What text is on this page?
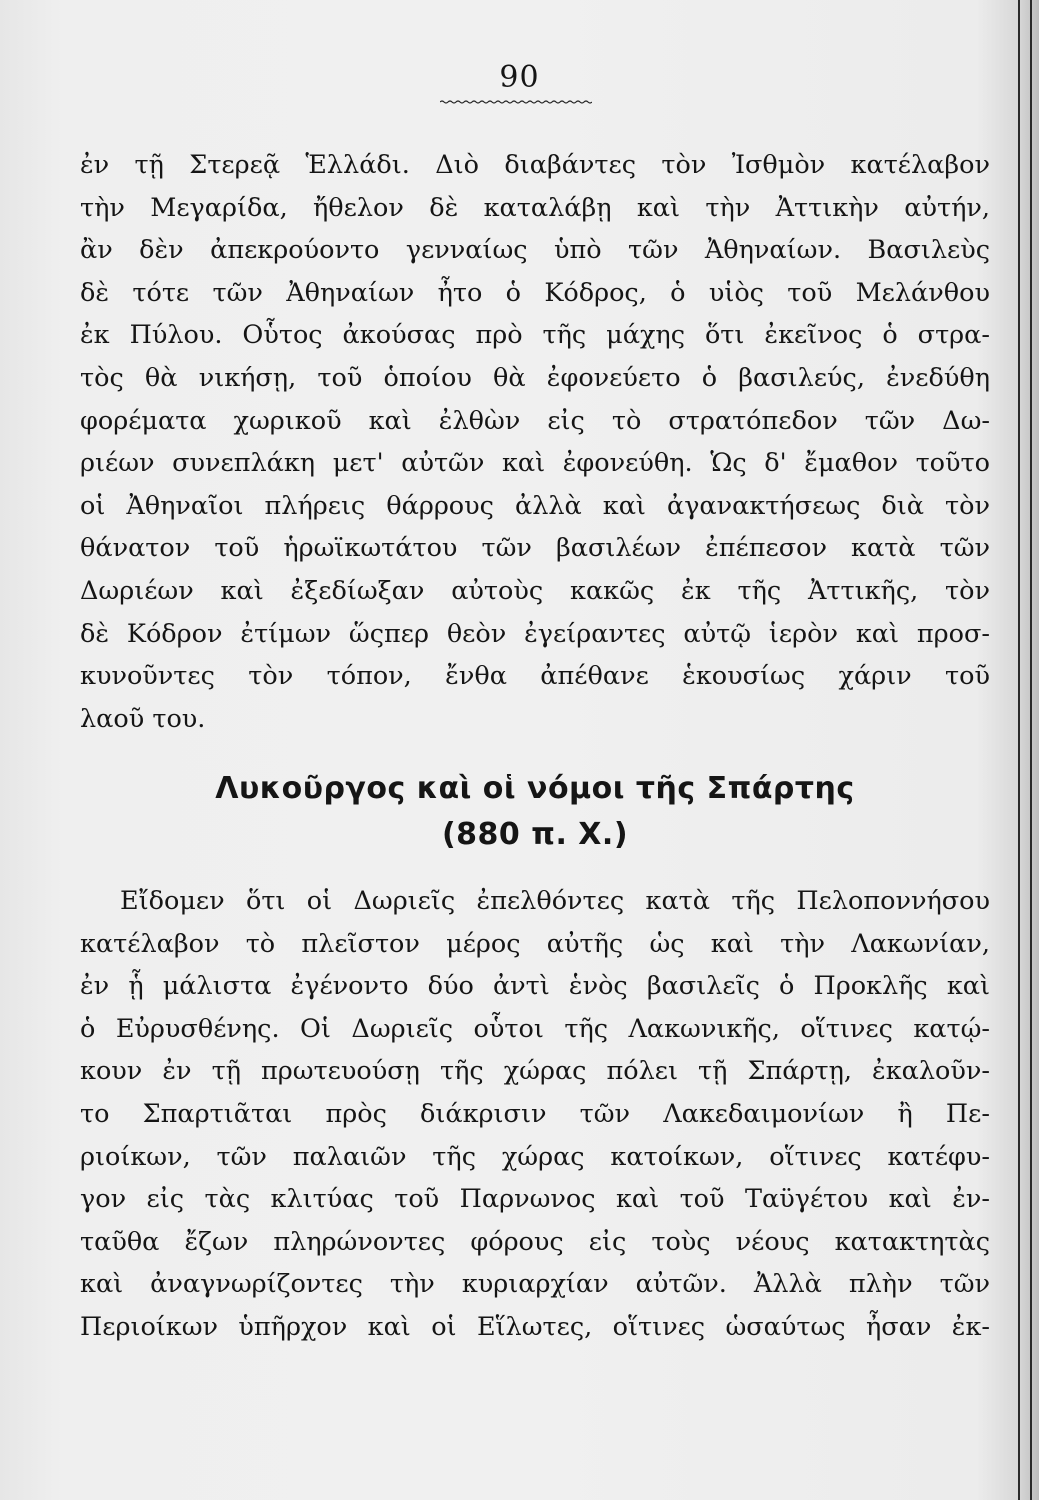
90
ἐν τῇ Στερεᾷ Ἑλλάδι. Διὸ διαβάντες τὸν Ἰσθμὸν κατέλαβον
τὴν Μεγαρίδα, ἤθελον δὲ καταλάβῃ καὶ τὴν Ἀττικὴν αὐτήν,
ἂν δὲν ἀπεκρούοντο γενναίως ὑπὸ τῶν Ἀθηναίων. Βασιλεὺς
δὲ τότε τῶν Ἀθηναίων ἦτο ὁ Κόδρος, ὁ υἱὸς τοῦ Μελάνθου
ἐκ Πύλου. Οὗτος ἀκούσας πρὸ τῆς μάχης ὅτι ἐκεῖνος ὁ στρα-
τὸς θὰ νικήσῃ, τοῦ ὁποίου θὰ ἐφονεύετο ὁ βασιλεύς, ἐνεδύθη
φορέματα χωρικοῦ καὶ ἐλθὼν εἰς τὸ στρατόπεδον τῶν Δω-
ριέων συνεπλάκη μετ' αὐτῶν καὶ ἐφονεύθη. Ὡς δ' ἔμαθον τοῦτο
οἱ Ἀθηναῖοι πλήρεις θάρρους ἀλλὰ καὶ ἀγανακτήσεως διὰ τὸν
θάνατον τοῦ ἡρωϊκωτάτου τῶν βασιλέων ἐπέπεσον κατὰ τῶν
Δωριέων καὶ ἐξεδίωξαν αὐτοὺς κακῶς ἐκ τῆς Ἀττικῆς, τὸν
δὲ Κόδρον ἐτίμων ὥςπερ θεὸν ἐγείραντες αὐτῷ ἱερὸν καὶ προσ-
κυνοῦντες τὸν τόπον, ἔνθα ἀπέθανε ἑκουσίως χάριν τοῦ
λαοῦ του.
Λυκοῦργος καὶ οἱ νόμοι τῆς Σπάρτης
(880 π. Χ.)
Εἴδομεν ὅτι οἱ Δωριεῖς ἐπελθόντες κατὰ τῆς Πελοποννήσου
κατέλαβον τὸ πλεῖστον μέρος αὐτῆς ὡς καὶ τὴν Λακωνίαν,
ἐν ᾗ μάλιστα ἐγένοντο δύο ἀντὶ ἑνὸς βασιλεῖς ὁ Προκλῆς καὶ
ὁ Εὐρυσθένης. Οἱ Δωριεῖς οὗτοι τῆς Λακωνικῆς, οἵτινες κατῴ-
κουν ἐν τῇ πρωτευούσῃ τῆς χώρας πόλει τῇ Σπάρτῃ, ἐκαλοῦν-
το Σπαρτιᾶται πρὸς διάκρισιν τῶν Λακεδαιμονίων ἢ Πε-
ριοίκων, τῶν παλαιῶν τῆς χώρας κατοίκων, οἵτινες κατέφυ-
γον εἰς τὰς κλιτύας τοῦ Παρνωνος καὶ τοῦ Ταϋγέτου καὶ ἐν-
ταῦθα ἔζων πληρώνοντες φόρους εἰς τοὺς νέους κατακτητὰς
καὶ ἀναγνωρίζοντες τὴν κυριαρχίαν αὐτῶν. Ἀλλὰ πλὴν τῶν
Περιοίκων ὑπῆρχον καὶ οἱ Εἵλωτες, οἵτινες ὡσαύτως ἦσαν ἐκ-
